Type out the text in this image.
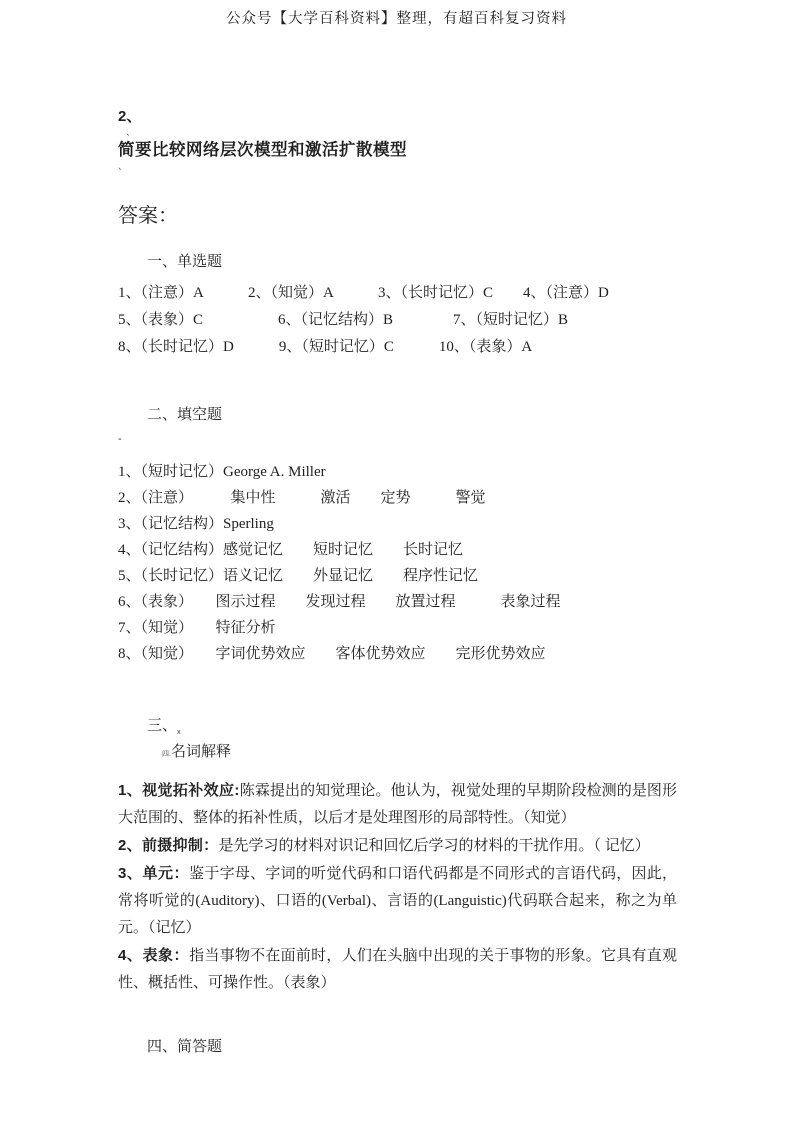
公众号【大学百科资料】整理，有超百科复习资料
2、
、
简要比较网络层次模型和激活扩散模型
、
答案：
一、单选题
1、（注意）A　　　2、（知觉）A　　　3、（长时记忆）C　　4、（注意）D
5、（表象）C　　　　　6、（记忆结构）B　　　　7、（短时记忆）B
8、（长时记忆）D　　　9、（短时记忆）C　　　10、（表象）A
二、填空题
-
1、（短时记忆）George A. Miller
2、（注意）　　　集中性　　　激活　　定势　　　警觉
3、（记忆结构）Sperling
4、（记忆结构）感觉记忆　　短时记忆　　长时记忆
5、（长时记忆）语义记忆　　外显记忆　　程序性记忆
6、（表象）　　图示过程　　发现过程　　放置过程　　　表象过程
7、（知觉）　　特征分析
8、（知觉）　　字词优势效应　　客体优势效应　　完形优势效应
三、$_x$
四.名词解释

1、视觉拓补效应:陈霖提出的知觉理论。他认为，视觉处理的早期阶段检测的是图形大范围的、整体的拓补性质，以后才是处理图形的局部特性。（知觉）

2、前摄抑制：是先学习的材料对识记和回忆后学习的材料的干扰作用。（ 记忆）

3、单元：鉴于字母、字词的听觉代码和口语代码都是不同形式的言语代码，因此，常将听觉的(Auditory)、口语的(Verbal)、言语的(Languistic)代码联合起来，称之为单元。（记忆）

4、表象：指当事物不在面前时，人们在头脑中出现的关于事物的形象。它具有直观性、概括性、可操作性。（表象）

四、简答题
